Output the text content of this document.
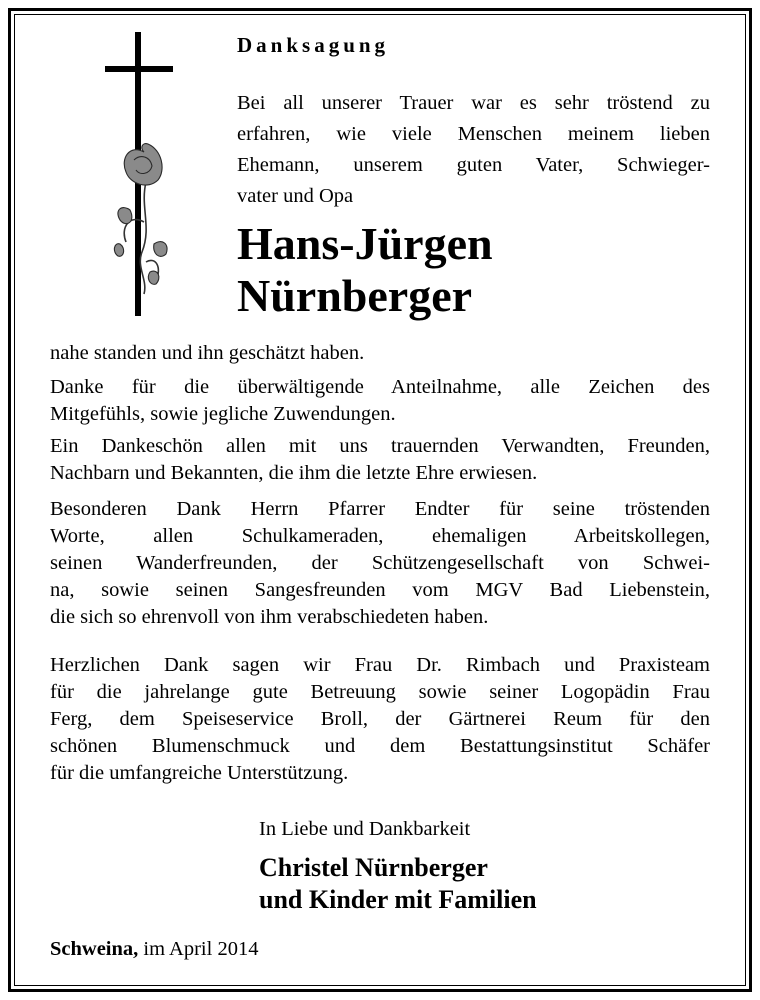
Danksagung
Bei all unserer Trauer war es sehr tröstend zu
erfahren, wie viele Menschen meinem lieben
Ehemann, unserem guten Vater, Schwieger-
vater und Opa
Hans-Jürgen
Nürnberger
nahe standen und ihn geschätzt haben.
Danke für die überwältigende Anteilnahme, alle Zeichen des
Mitgefühls, sowie jegliche Zuwendungen.
Ein Dankeschön allen mit uns trauernden Verwandten, Freunden,
Nachbarn und Bekannten, die ihm die letzte Ehre erwiesen.
Besonderen Dank Herrn Pfarrer Endter für seine tröstenden
Worte, allen Schulkameraden, ehemaligen Arbeitskollegen,
seinen Wanderfreunden, der Schützengesellschaft von Schwei-
na, sowie seinen Sangesfreunden vom MGV Bad Liebenstein,
die sich so ehrenvoll von ihm verabschiedeten haben.
Herzlichen Dank sagen wir Frau Dr. Rimbach und Praxisteam
für die jahrelange gute Betreuung sowie seiner Logopädin Frau
Ferg, dem Speiseservice Broll, der Gärtnerei Reum für den
schönen Blumenschmuck und dem Bestattungsinstitut Schäfer
für die umfangreiche Unterstützung.
In Liebe und Dankbarkeit
Christel Nürnberger
und Kinder mit Familien
Schweina, im April 2014
